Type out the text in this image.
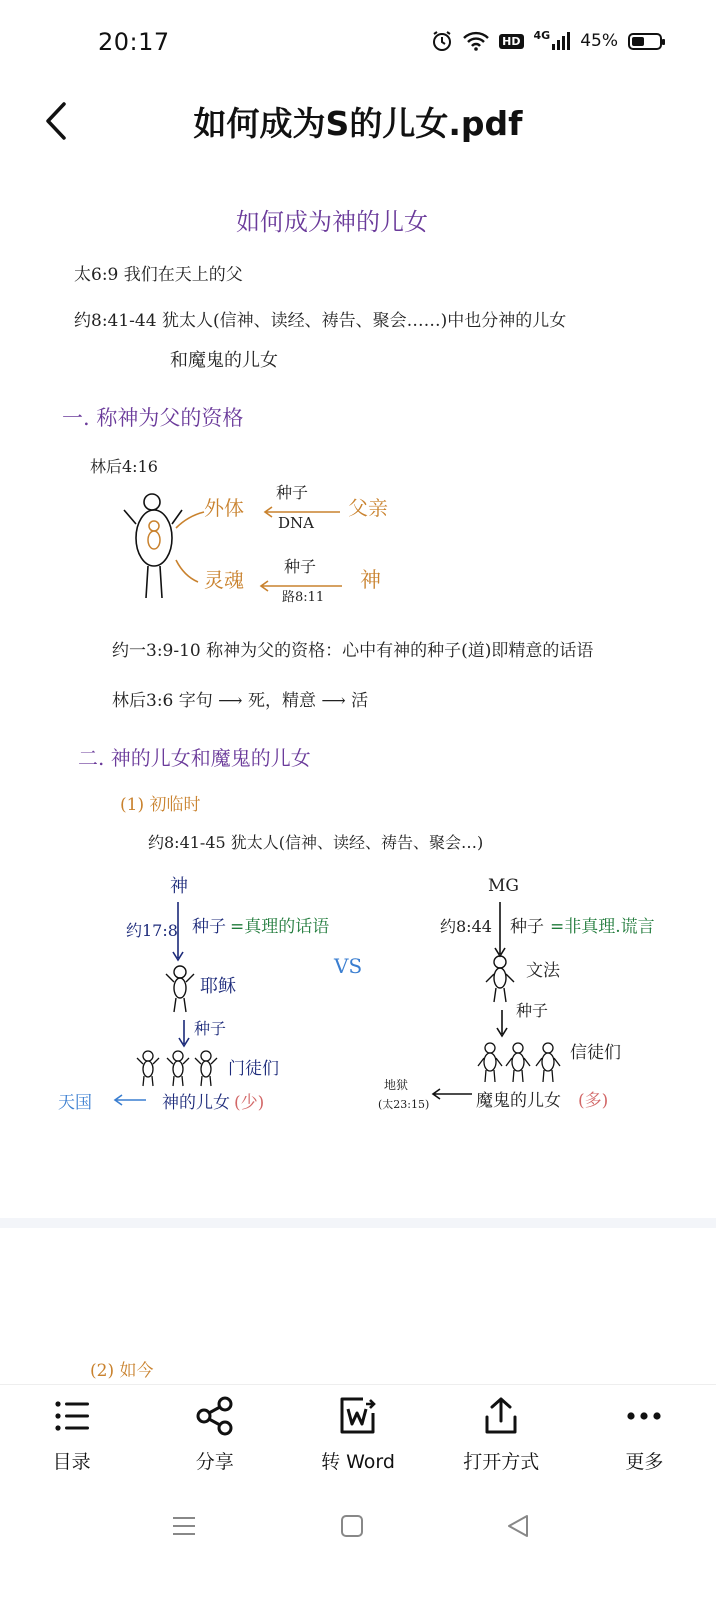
20:17	HD 4G 45%
如何成为S的儿女.pdf
如何成为神的儿女
太6:9 我们在天上的父
约8:41-44 犹太人(信神、读经、祷告、聚会……)中也分神的儿女
和魔鬼的儿女
一. 称神为父的资格
林后4:16
外体
种子
DNA
父亲
灵魂
种子
路8:11
神
约一3:9-10 称神为父的资格：心中有神的种子(道)即精意的话语
林后3:6 字句 ⟶ 死，精意 ⟶ 活
二. 神的儿女和魔鬼的儿女
(1) 初临时
约8:41-45 犹太人(信神、读经、祷告、聚会…)
神
约17:8 种子 =真理的话语
耶稣
种子
门徒们
天国	神的儿女 (少)
VS
MG
约8:44 种子 =非真理.谎言
文法
种子
信徒们
地狱
(太23:15)	魔鬼的儿女 (多)
(2) 如今
目录	分享	转 Word	打开方式	更多
